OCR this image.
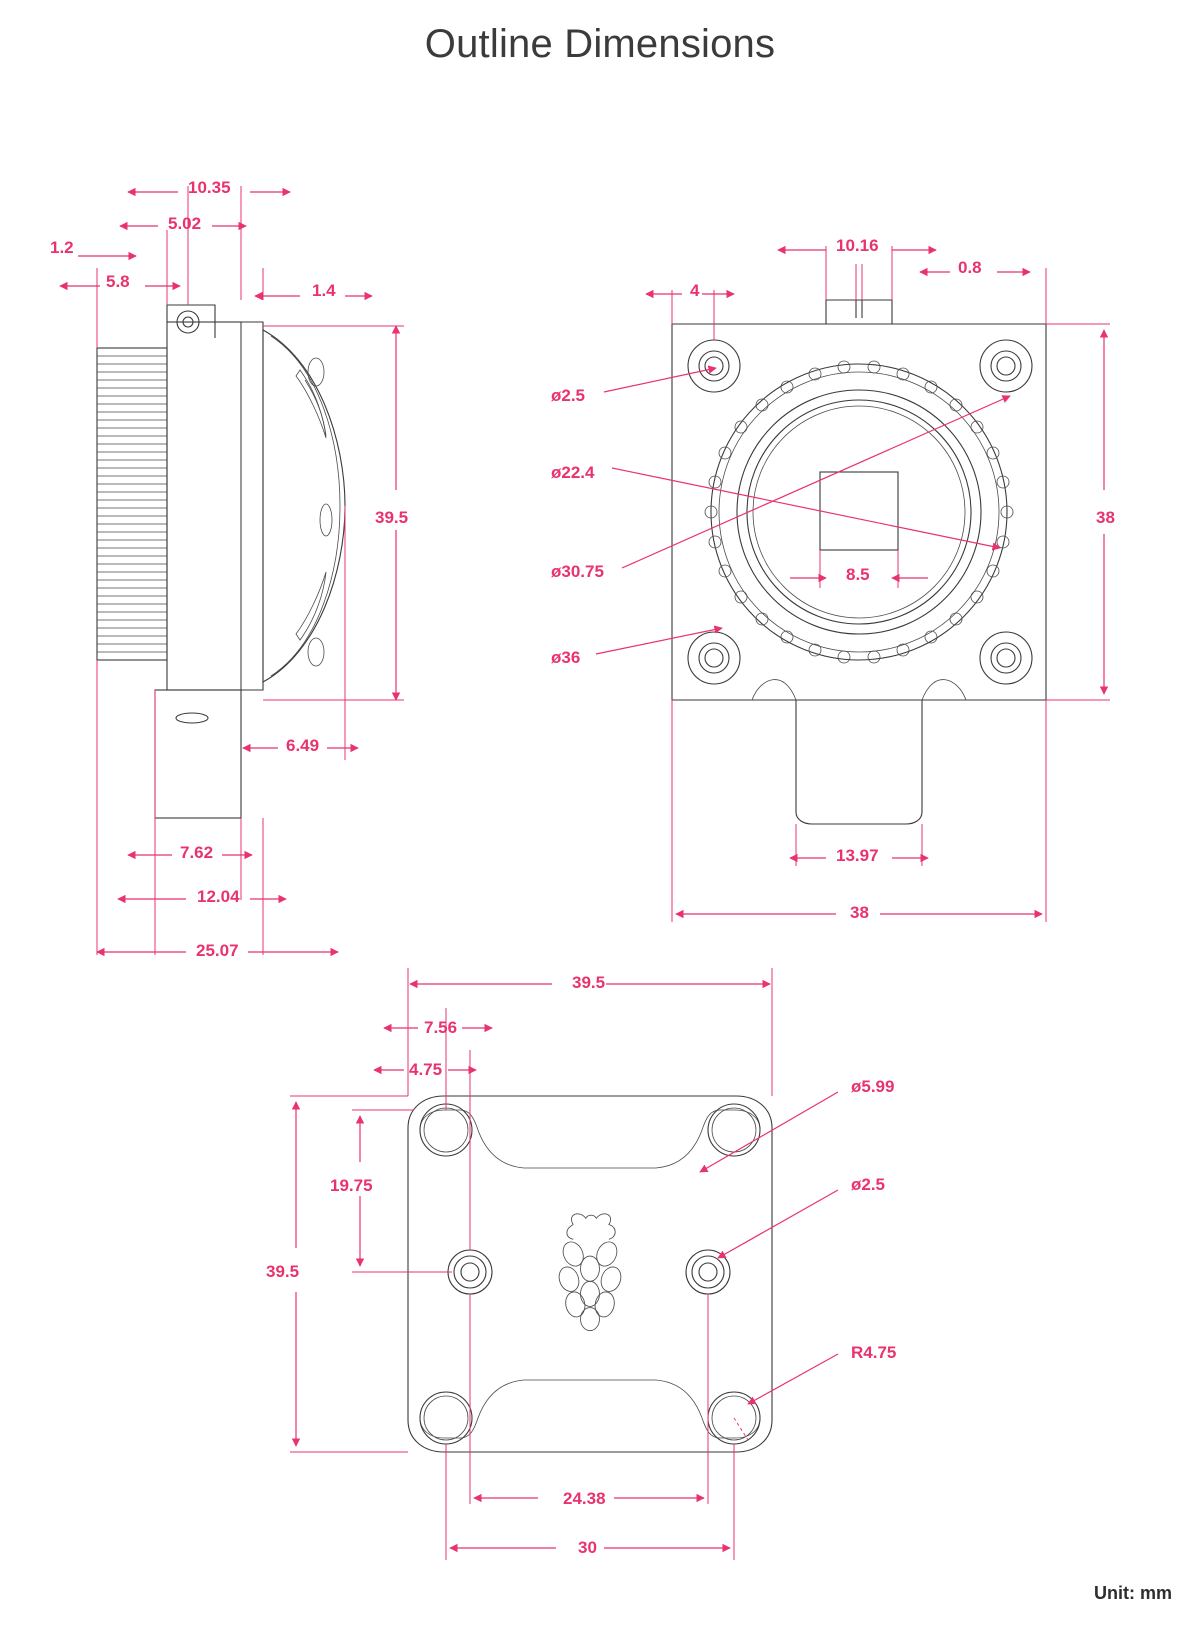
Outline Dimensions
10.35
5.02
1.2
5.8	1.4
39.5
6.49
7.62
12.04
25.07
10.16
0.8
4
ø2.5
ø22.4
ø30.75
ø36
8.5
38
13.97
38
39.5
7.56
4.75
ø5.99
19.75	ø2.5
39.5
R4.75
24.38
30
Unit: mm
